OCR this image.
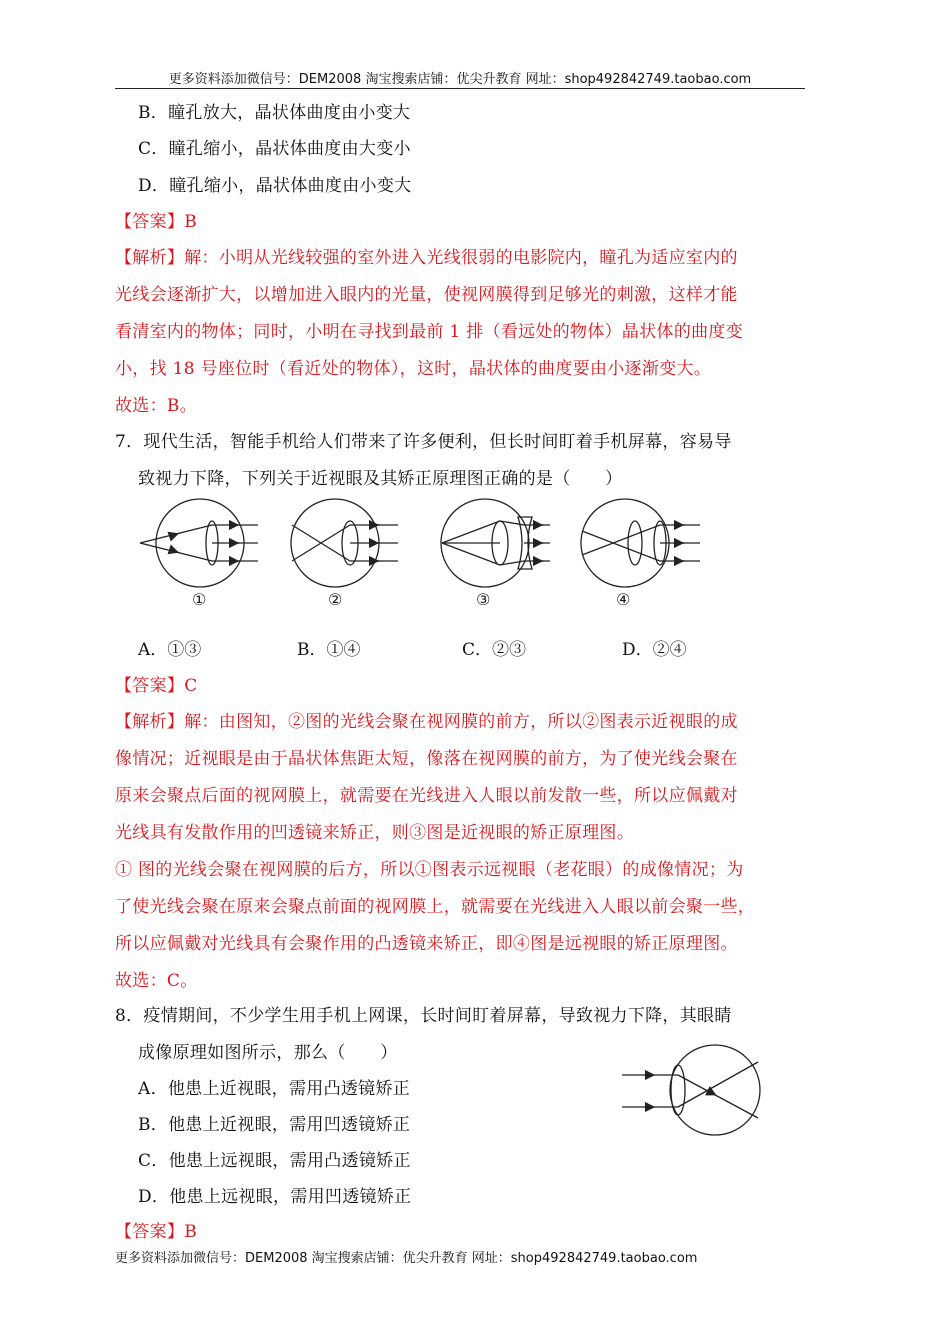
更多资料添加微信号：DEM2008 淘宝搜索店铺：优尖升教育 网址：shop492842749.taobao.com
B．瞳孔放大，晶状体曲度由小变大
C．瞳孔缩小，晶状体曲度由大变小
D．瞳孔缩小，晶状体曲度由小变大
【答案】B
【解析】解：小明从光线较强的室外进入光线很弱的电影院内，瞳孔为适应室内的
光线会逐渐扩大，以增加进入眼内的光量，使视网膜得到足够光的刺激，这样才能
看清室内的物体；同时，小明在寻找到最前 1 排（看远处的物体）晶状体的曲度变
小，找 18 号座位时（看近处的物体），这时，晶状体的曲度要由小逐渐变大。
故选：B。
7．现代生活，智能手机给人们带来了许多便利，但长时间盯着手机屏幕，容易导
致视力下降，下列关于近视眼及其矫正原理图正确的是（　　）
①	②	③	④
A．①③	B．①④	C．②③	D．②④
【答案】C
【解析】解：由图知，②图的光线会聚在视网膜的前方，所以②图表示近视眼的成
像情况；近视眼是由于晶状体焦距太短，像落在视网膜的前方，为了使光线会聚在
原来会聚点后面的视网膜上，就需要在光线进入人眼以前发散一些，所以应佩戴对
光线具有发散作用的凹透镜来矫正，则③图是近视眼的矫正原理图。
① 图的光线会聚在视网膜的后方，所以①图表示远视眼（老花眼）的成像情况；为
了使光线会聚在原来会聚点前面的视网膜上，就需要在光线进入人眼以前会聚一些，
所以应佩戴对光线具有会聚作用的凸透镜来矫正，即④图是远视眼的矫正原理图。
故选：C。
8．疫情期间，不少学生用手机上网课，长时间盯着屏幕，导致视力下降，其眼睛
成像原理如图所示，那么（　　）
A．他患上近视眼，需用凸透镜矫正
B．他患上近视眼，需用凹透镜矫正
C．他患上远视眼，需用凸透镜矫正
D．他患上远视眼，需用凹透镜矫正
【答案】B
更多资料添加微信号：DEM2008 淘宝搜索店铺：优尖升教育 网址：shop492842749.taobao.com
